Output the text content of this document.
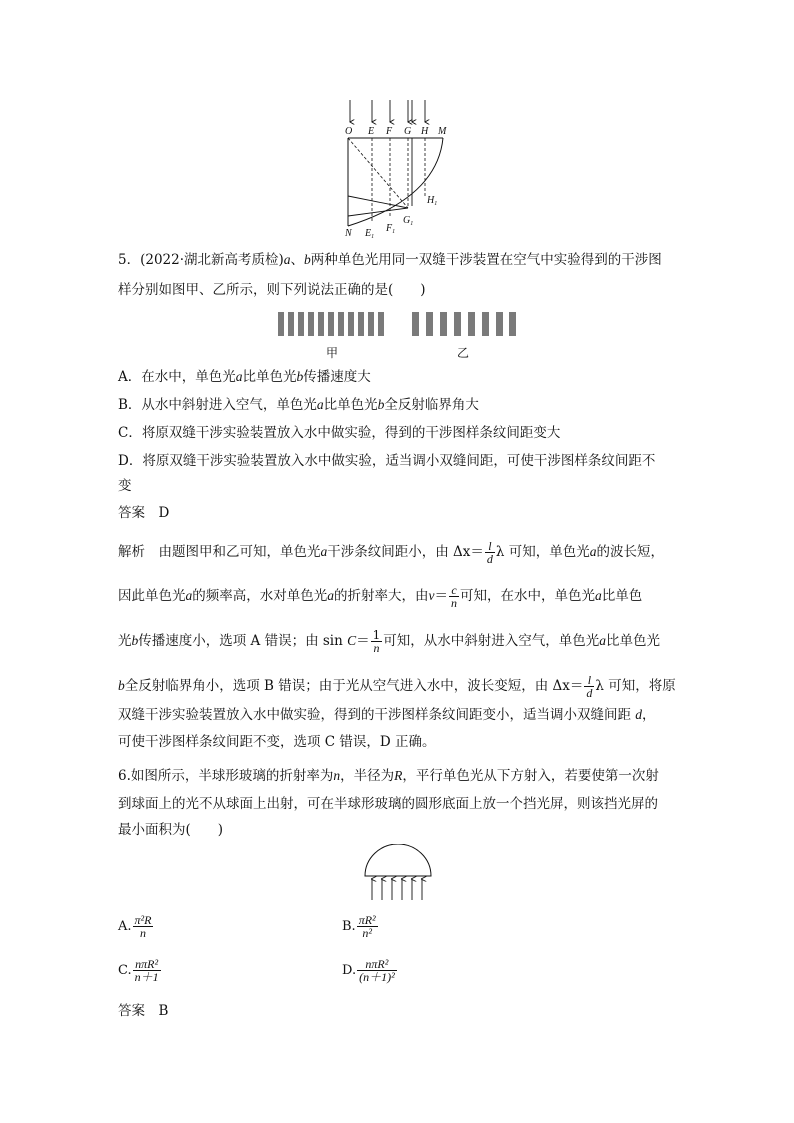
O E F G H M
N $E_1$
$F_1$
$G_1$
$H_1$
5．(2022·湖北新高考质检)a、b两种单色光用同一双缝干涉装置在空气中实验得到的干涉图
样分别如图甲、乙所示，则下列说法正确的是(　　)
甲	乙
A．在水中，单色光a比单色光b传播速度大
B．从水中斜射进入空气，单色光a比单色光b全反射临界角大
C．将原双缝干涉实验装置放入水中做实验，得到的干涉图样条纹间距变大
D．将原双缝干涉实验装置放入水中做实验，适当调小双缝间距，可使干涉图样条纹间距不
变
答案　D
解析　由题图甲和乙可知，单色光a干涉条纹间距小，由 $\Delta x= \frac{l}{d}$ λ 可知，单色光a的波长短，
因此单色光a的频率高，水对单色光a的折射率大，由$v= \frac{c}{n}$ 可知，在水中，单色光a比单色
光b传播速度小，选项 A 错误；由 $\sin C= \frac{1}{n}$ 可知，从水中斜射进入空气，单色光a比单色光
b全反射临界角小，选项 B 错误；由于光从空气进入水中，波长变短，由 $\Delta x= \frac{l}{d}$ λ 可知，将原
双缝干涉实验装置放入水中做实验，得到的干涉图样条纹间距变小，适当调小双缝间距 d，
可使干涉图样条纹间距不变，选项 C 错误，D 正确。
6.如图所示，半球形玻璃的折射率为n，半径为R，平行单色光从下方射入，若要使第一次射
到球面上的光不从球面上出射，可在半球形玻璃的圆形底面上放一个挡光屏，则该挡光屏的
最小面积为(　　)
A. $\frac{\text{π²R}}{n}$	B. $\frac{\text{πR²}}{\text{n²}}$
C. $\frac{\text{nπR²}}{n+1}$	D. $\frac{\text{nπR²}}{\text{(n＋1)²}}$
答案　B
